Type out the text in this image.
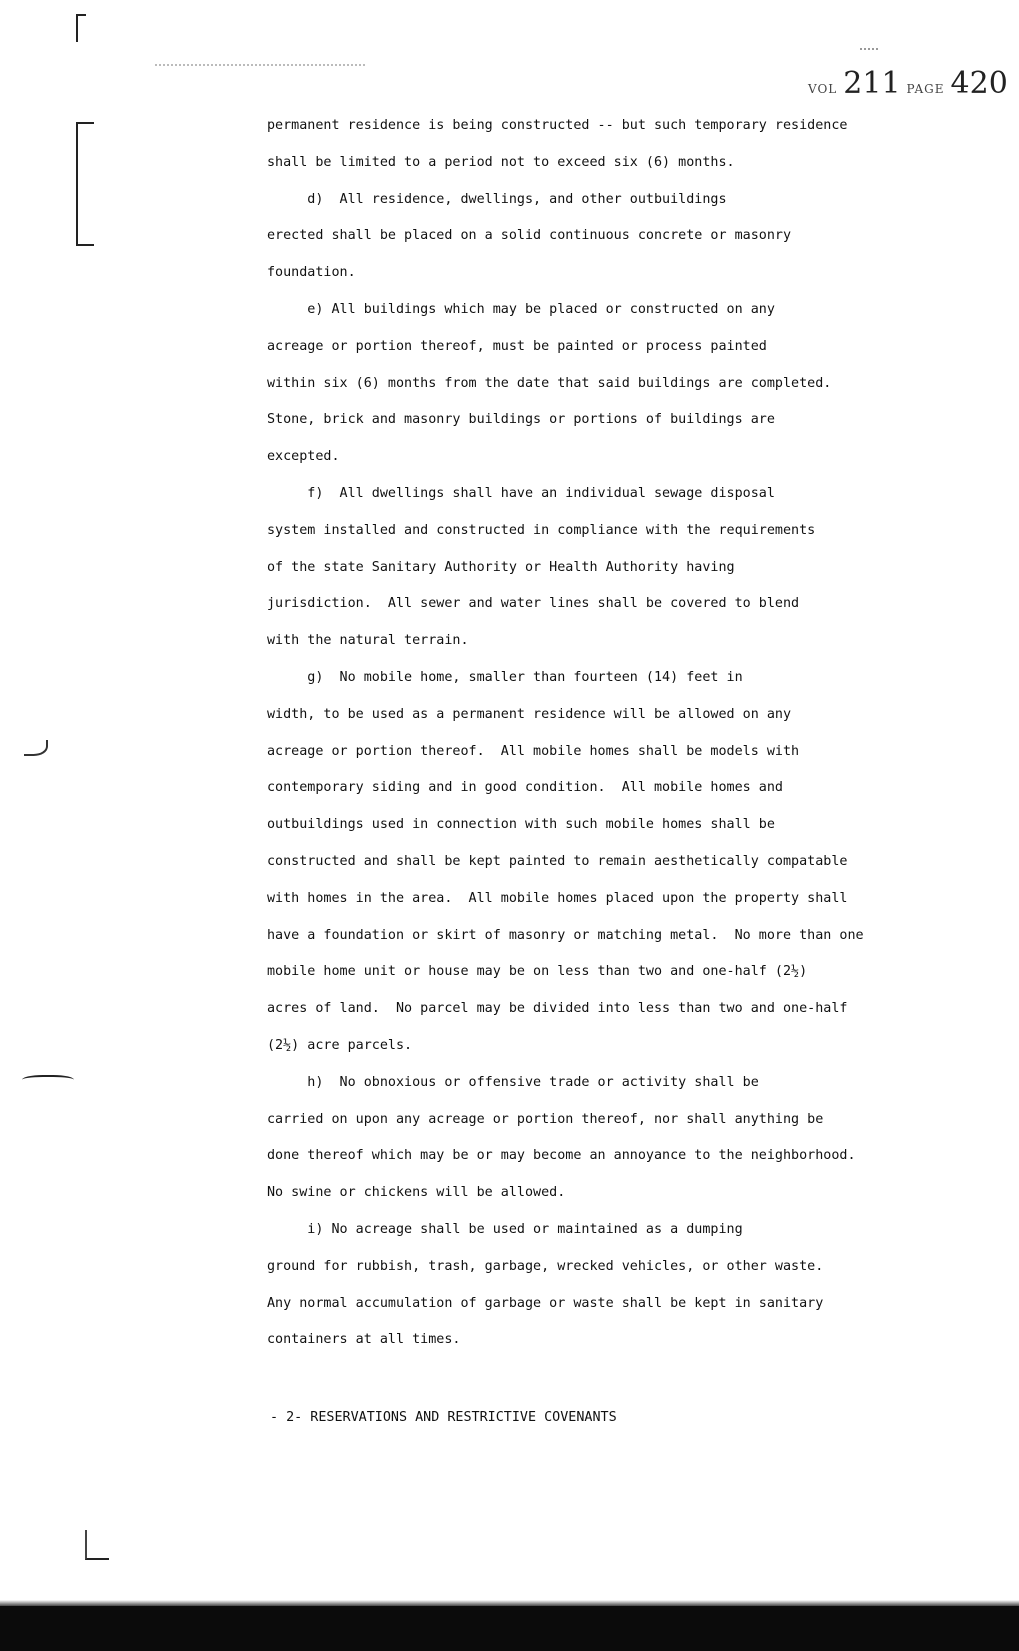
VOL 211 PAGE 420
permanent residence is being constructed -- but such temporary residence
shall be limited to a period not to exceed six (6) months.
d)  All residence, dwellings, and other outbuildings
erected shall be placed on a solid continuous concrete or masonry
foundation.
e) All buildings which may be placed or constructed on any
acreage or portion thereof, must be painted or process painted
within six (6) months from the date that said buildings are completed.
Stone, brick and masonry buildings or portions of buildings are
excepted.
f)  All dwellings shall have an individual sewage disposal
system installed and constructed in compliance with the requirements
of the state Sanitary Authority or Health Authority having
jurisdiction.  All sewer and water lines shall be covered to blend
with the natural terrain.
g)  No mobile home, smaller than fourteen (14) feet in
width, to be used as a permanent residence will be allowed on any
acreage or portion thereof.  All mobile homes shall be models with
contemporary siding and in good condition.  All mobile homes and
outbuildings used in connection with such mobile homes shall be
constructed and shall be kept painted to remain aesthetically compatable
with homes in the area.  All mobile homes placed upon the property shall
have a foundation or skirt of masonry or matching metal.  No more than one
mobile home unit or house may be on less than two and one-half (2½)
acres of land.  No parcel may be divided into less than two and one-half
(2½) acre parcels.
h)  No obnoxious or offensive trade or activity shall be
carried on upon any acreage or portion thereof, nor shall anything be
done thereof which may be or may become an annoyance to the neighborhood.
No swine or chickens will be allowed.
i) No acreage shall be used or maintained as a dumping
ground for rubbish, trash, garbage, wrecked vehicles, or other waste.
Any normal accumulation of garbage or waste shall be kept in sanitary
containers at all times.
- 2- RESERVATIONS AND RESTRICTIVE COVENANTS
